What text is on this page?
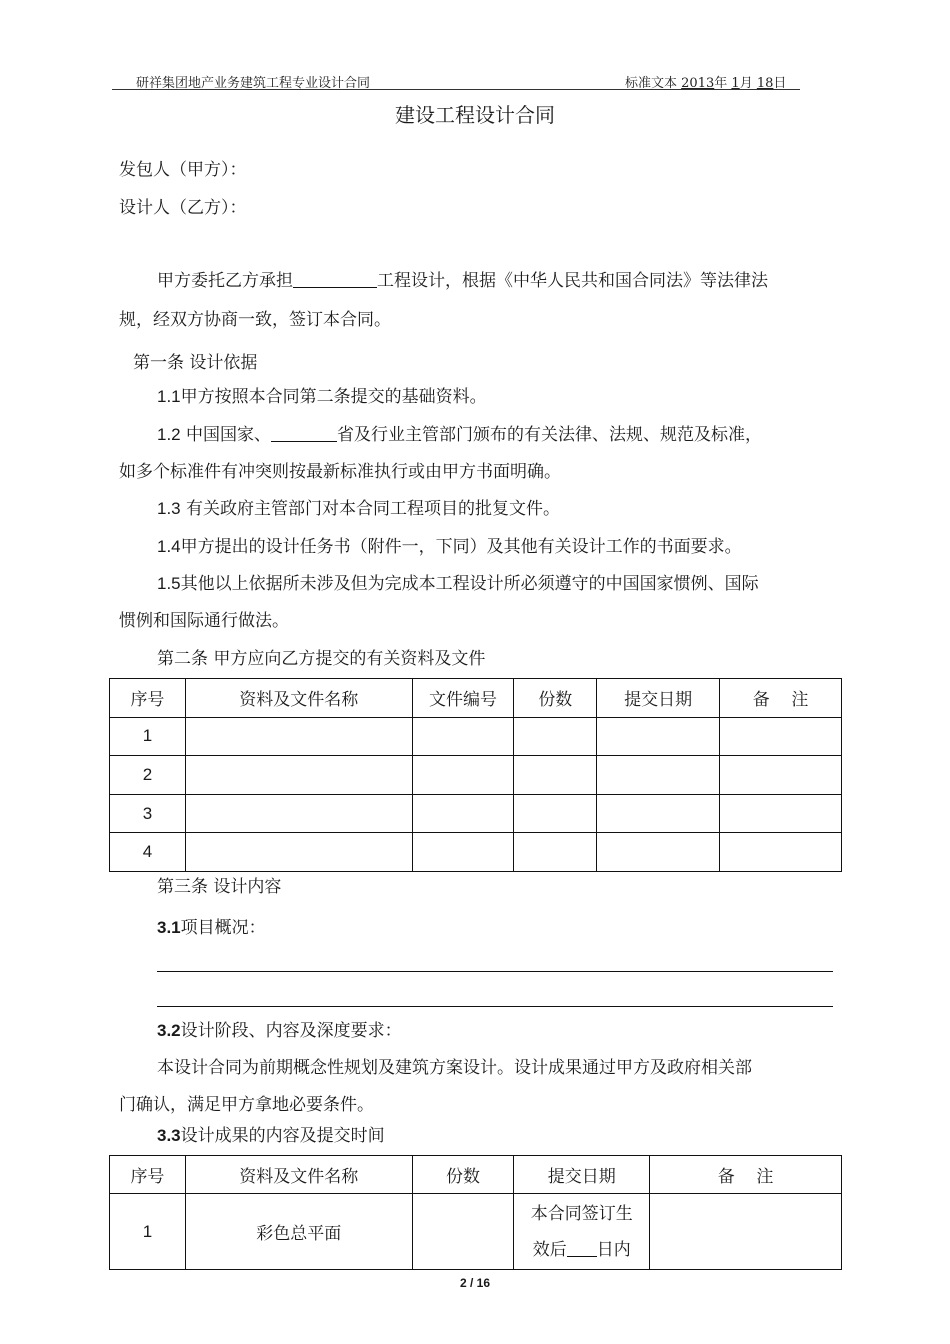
研祥集团地产业务建筑工程专业设计合同	标准文本 2013年 1月 18日
建设工程设计合同
发包人（甲方）：
设计人（乙方）：
甲方委托乙方承担	工程设计，根据《中华人民共和国合同法》等法律法
规，经双方协商一致，签订本合同。
第一条 设计依据
1.1甲方按照本合同第二条提交的基础资料。
1.2 中国国家、	省及行业主管部门颁布的有关法律、法规、规范及标准，
如多个标准件有冲突则按最新标准执行或由甲方书面明确。
1.3 有关政府主管部门对本合同工程项目的批复文件。
1.4甲方提出的设计任务书（附件一，下同）及其他有关设计工作的书面要求。
1.5其他以上依据所未涉及但为完成本工程设计所必须遵守的中国国家惯例、国际
惯例和国际通行做法。
第二条 甲方应向乙方提交的有关资料及文件
序号	资料及文件名称	文件编号	份数	提交日期	备    注
1					
2					
3					
4					
第三条 设计内容
3.1项目概况：
3.2设计阶段、内容及深度要求：
本设计合同为前期概念性规划及建筑方案设计。设计成果通过甲方及政府相关部
门确认，满足甲方拿地必要条件。
3.3设计成果的内容及提交时间
序号	资料及文件名称	份数	提交日期	备    注
1	彩色总平面		本合同签订生
效后 日内	

2 / 16
